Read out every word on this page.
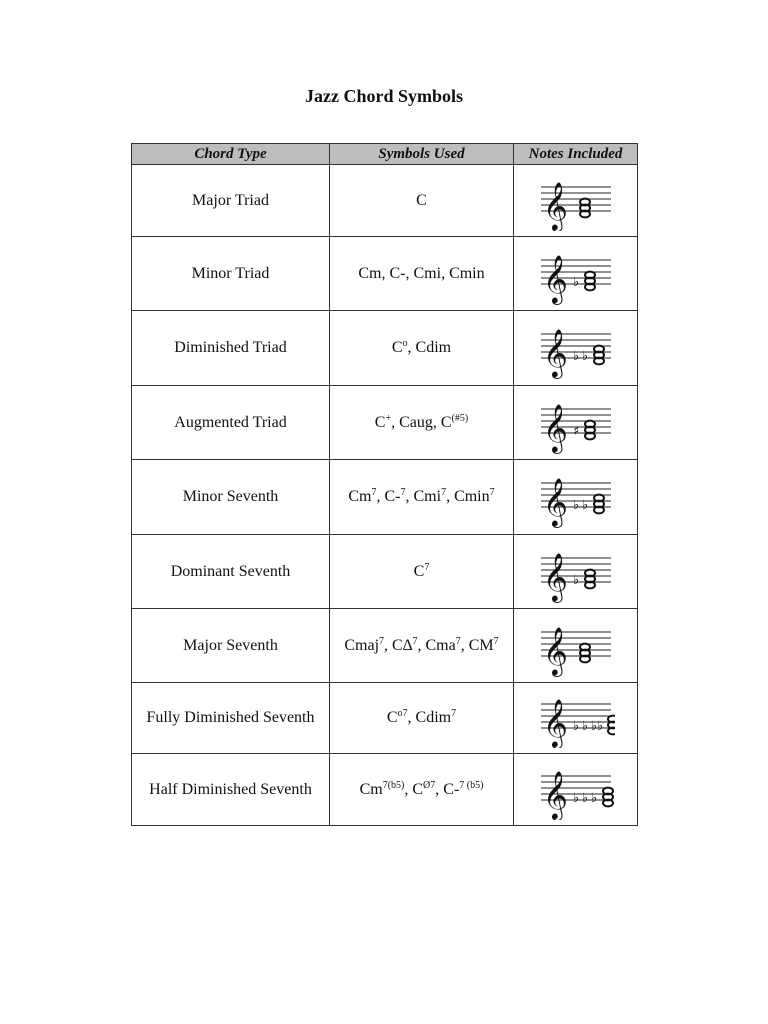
Jazz Chord Symbols
Chord Type	Symbols Used	Notes Included
Major Triad	C	𝄞

Minor Triad	Cm, C-, Cmi, Cmin	𝄞 ♭

Diminished Triad	$C^o$, Cdim	𝄞 ♭ ♭

Augmented Triad	C+, Caug, $C^{(\#5)}$	𝄞 ♯

Minor Seventh	Cm$^7$, C-$^7$, Cmi$^7$, Cmin$^7$	𝄞 ♭ ♭

Dominant Seventh	$C^7$	𝄞 ♭

Major Seventh	Cmaj$^7$, C∆$^7$, Cma$^7$, $CM^7$	𝄞

Fully Diminished Seventh	$C^{o7}$, Cdim$^7$	𝄞 ♭ ♭ ♭♭

Half Diminished Seventh	$Cm^{7(b5)}$, $C^{Ø7}$, C-$^{7 (b5)}$	𝄞 ♭ ♭ ♭
